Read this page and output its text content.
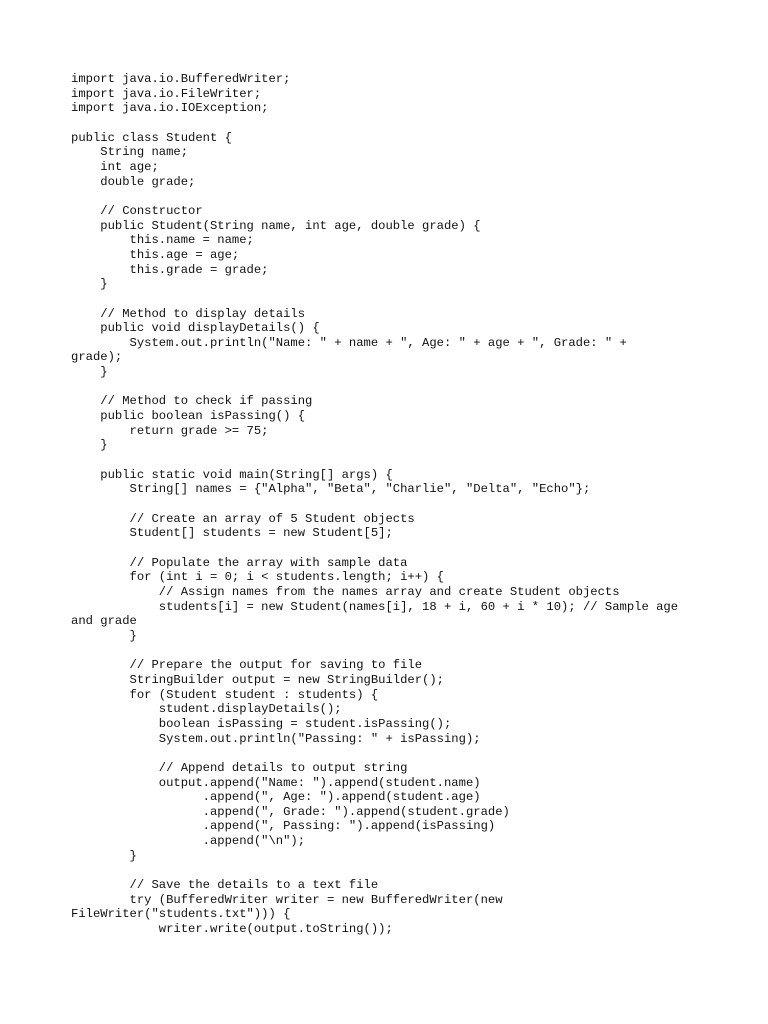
import java.io.BufferedWriter;
import java.io.FileWriter;
import java.io.IOException;
public class Student {
String name;
int age;
double grade;
// Constructor
public Student(String name, int age, double grade) {
this.name = name;
this.age = age;
this.grade = grade;
}
// Method to display details
public void displayDetails() {
System.out.println("Name: " + name + ", Age: " + age + ", Grade: " +
grade);
}
// Method to check if passing
public boolean isPassing() {
return grade >= 75;
}
public static void main(String[] args) {
String[] names = {"Alpha", "Beta", "Charlie", "Delta", "Echo"};
// Create an array of 5 Student objects
Student[] students = new Student[5];
// Populate the array with sample data
for (int i = 0; i < students.length; i++) {
// Assign names from the names array and create Student objects
students[i] = new Student(names[i], 18 + i, 60 + i * 10); // Sample age
and grade
}
// Prepare the output for saving to file
StringBuilder output = new StringBuilder();
for (Student student : students) {
student.displayDetails();
boolean isPassing = student.isPassing();
System.out.println("Passing: " + isPassing);
// Append details to output string
output.append("Name: ").append(student.name)
.append(", Age: ").append(student.age)
.append(", Grade: ").append(student.grade)
.append(", Passing: ").append(isPassing)
.append("\n");
}
// Save the details to a text file
try (BufferedWriter writer = new BufferedWriter(new
FileWriter("students.txt"))) {
writer.write(output.toString());
